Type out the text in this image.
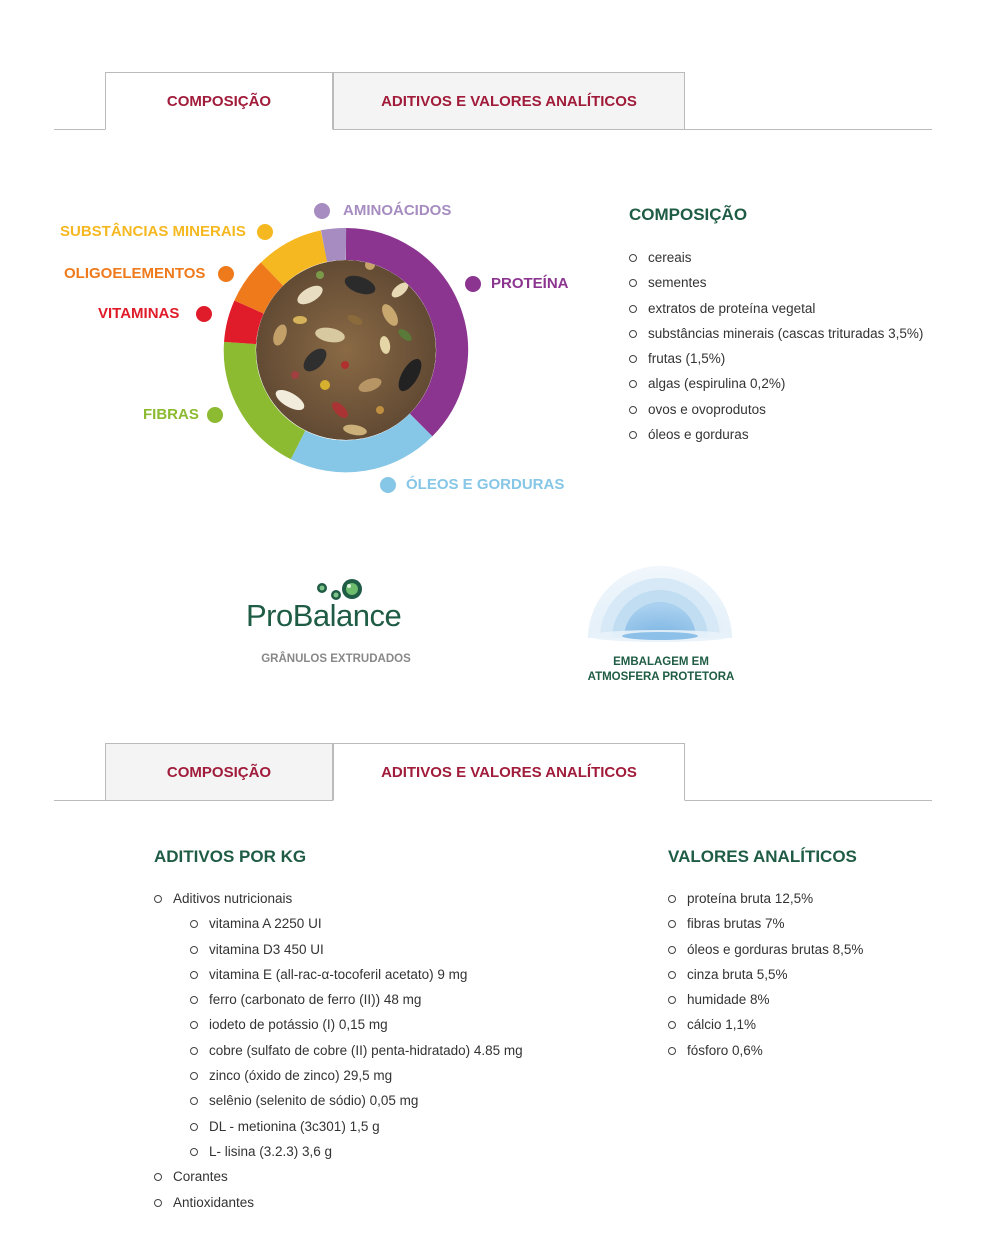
COMPOSIÇÃO	ADITIVOS E VALORES ANALÍTICOS
AMINOÁCIDOS
SUBSTÂNCIAS MINERAIS
OLIGOELEMENTOS
VITAMINAS
FIBRAS
PROTEÍNA
ÓLEOS E GORDURAS
COMPOSIÇÃO
cereais
sementes
extratos de proteína vegetal
substâncias minerais (cascas trituradas 3,5%)
frutas (1,5%)
algas (espirulina 0,2%)
ovos e ovoprodutos
óleos e gorduras
ProBalance
GRÂNULOS EXTRUDADOS	EMBALAGEM EM
ATMOSFERA PROTETORA
COMPOSIÇÃO	ADITIVOS E VALORES ANALÍTICOS
ADITIVOS POR KG
Aditivos nutricionais
vitamina A 2250 UI
vitamina D3 450 UI
vitamina E (all-rac-α-tocoferil acetato) 9 mg
ferro (carbonato de ferro (II)) 48 mg
iodeto de potássio (I) 0,15 mg
cobre (sulfato de cobre (II) penta-hidratado) 4.85 mg
zinco (óxido de zinco) 29,5 mg
selênio (selenito de sódio) 0,05 mg
DL - metionina (3c301) 1,5 g
L- lisina (3.2.3) 3,6 g
Corantes
Antioxidantes
VALORES ANALÍTICOS
proteína bruta 12,5%
fibras brutas 7%
óleos e gorduras brutas 8,5%
cinza bruta 5,5%
humidade 8%
cálcio 1,1%
fósforo 0,6%
